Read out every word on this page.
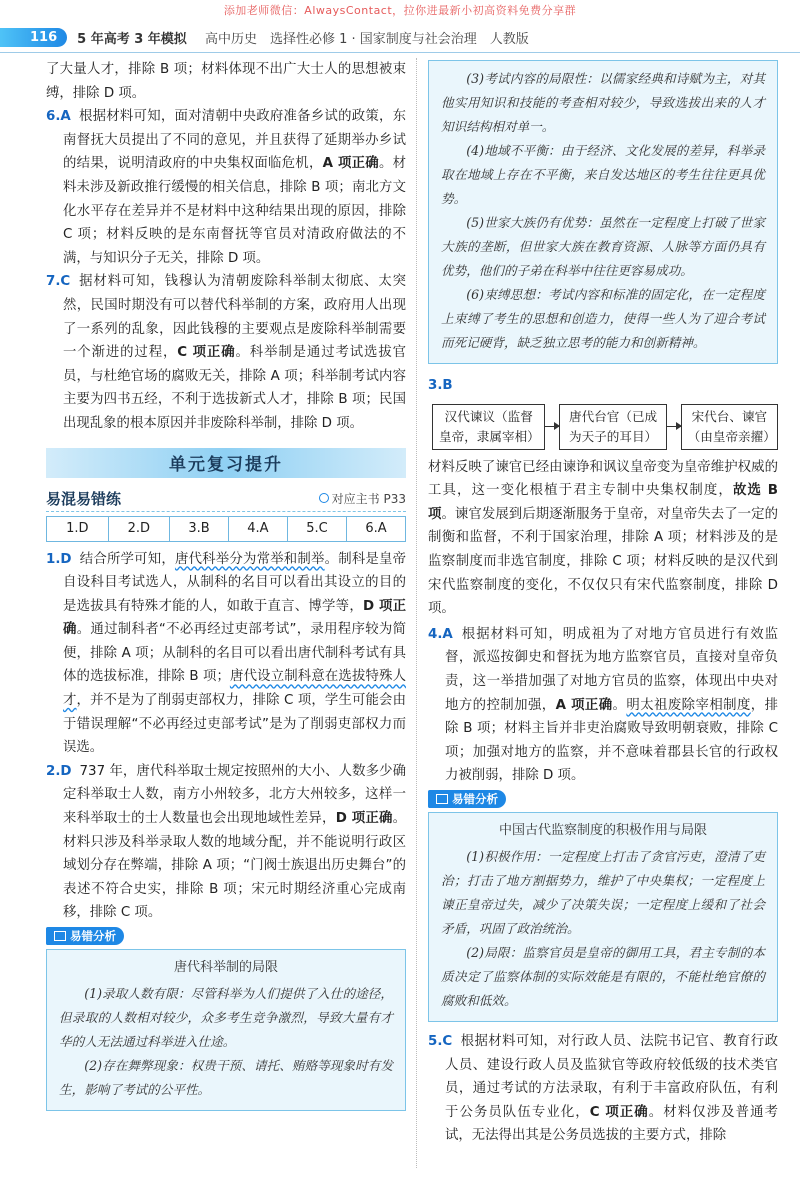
添加老师微信：AlwaysContact，拉你进最新小初高资料免费分享群
116	5 年高考 3 年模拟 高中历史　选择性必修 1 · 国家制度与社会治理　人教版

了大量人才，排除 B 项；材料体现不出广大士人的思想被束缚，排除 D 项。

6.A 根据材料可知，面对清朝中央政府准备乡试的政策，东南督抚大员提出了不同的意见，并且获得了延期举办乡试的结果，说明清政府的中央集权面临危机，A 项正确。材料未涉及新政推行缓慢的相关信息，排除 B 项；南北方文化水平存在差异并不是材料中这种结果出现的原因，排除 C 项；材料反映的是东南督抚等官员对清政府做法的不满，与知识分子无关，排除 D 项。

7.C 据材料可知，钱穆认为清朝废除科举制太彻底、太突然，民国时期没有可以替代科举制的方案，政府用人出现了一系列的乱象，因此钱穆的主要观点是废除科举制需要一个渐进的过程，C 项正确。科举制是通过考试选拔官员，与杜绝官场的腐败无关，排除 A 项；科举制考试内容主要为四书五经，不利于选拔新式人才，排除 B 项；民国出现乱象的根本原因并非废除科举制，排除 D 项。

单元复习提升
易混易错练	对应主书 P33
1.D	2.D	3.B	4.A	5.C	6.A

1.D 结合所学可知，唐代科举分为常举和制举。制科是皇帝自设科目考试选人，从制科的名目可以看出其设立的目的是选拔具有特殊才能的人，如敢于直言、博学等，D 项正确。通过制科者“不必再经过吏部考试”，录用程序较为简便，排除 A 项；从制科的名目可以看出唐代制科考试有具体的选拔标准，排除 B 项；唐代设立制科意在选拔特殊人才，并不是为了削弱吏部权力，排除 C 项，学生可能会由于错误理解“不必再经过吏部考试”是为了削弱吏部权力而误选。

2.D 737 年，唐代科举取士规定按照州的大小、人数多少确定科举取士人数，南方小州较多，北方大州较多，这样一来科举取士的士人数量也会出现地域性差异，D 项正确。材料只涉及科举录取人数的地域分配，并不能说明行政区域划分存在弊端，排除 A 项；“门阀士族退出历史舞台”的表述不符合史实，排除 B 项；宋元时期经济重心完成南移，排除 C 项。

易错分析

唐代科举制的局限

(1)录取人数有限：尽管科举为人们提供了入仕的途径，但录取的人数相对较少，众多考生竞争激烈，导致大量有才华的人无法通过科举进入仕途。

(2)存在舞弊现象：权贵干预、请托、贿赂等现象时有发生，影响了考试的公平性。

(3)考试内容的局限性：以儒家经典和诗赋为主，对其他实用知识和技能的考查相对较少，导致选拔出来的人才知识结构相对单一。

(4)地域不平衡：由于经济、文化发展的差异，科举录取在地域上存在不平衡，来自发达地区的考生往往更具优势。

(5)世家大族仍有优势：虽然在一定程度上打破了世家大族的垄断，但世家大族在教育资源、人脉等方面仍具有优势，他们的子弟在科举中往往更容易成功。

(6)束缚思想：考试内容和标准的固定化，在一定程度上束缚了考生的思想和创造力，使得一些人为了迎合考试而死记硬背，缺乏独立思考的能力和创新精神。

3.B

汉代谏议（监督皇帝，隶属宰相）
唐代台官（已成为天子的耳目）
宋代台、谏官（由皇帝亲擢）

材料反映了谏官已经由谏诤和讽议皇帝变为皇帝维护权威的工具，这一变化根植于君主专制中央集权制度，故选 B 项。谏官发展到后期逐渐服务于皇帝，对皇帝失去了一定的制衡和监督，不利于国家治理，排除 A 项；材料涉及的是监察制度而非选官制度，排除 C 项；材料反映的是汉代到宋代监察制度的变化，不仅仅只有宋代监察制度，排除 D 项。

4.A 根据材料可知，明成祖为了对地方官员进行有效监督，派巡按御史和督抚为地方监察官员，直接对皇帝负责，这一举措加强了对地方官员的监察，体现出中央对地方的控制加强，A 项正确。明太祖废除宰相制度，排除 B 项；材料主旨并非吏治腐败导致明朝衰败，排除 C 项；加强对地方的监察，并不意味着郡县长官的行政权力被削弱，排除 D 项。

易错分析

中国古代监察制度的积极作用与局限

(1)积极作用：一定程度上打击了贪官污吏，澄清了吏治；打击了地方割据势力，维护了中央集权；一定程度上谏正皇帝过失，减少了决策失误；一定程度上缓和了社会矛盾，巩固了政治统治。

(2)局限：监察官员是皇帝的御用工具，君主专制的本质决定了监察体制的实际效能是有限的，不能杜绝官僚的腐败和低效。

5.C 根据材料可知，对行政人员、法院书记官、教育行政人员、建设行政人员及监狱官等政府较低级的技术类官员，通过考试的方法录取，有利于丰富政府队伍，有利于公务员队伍专业化，C 项正确。材料仅涉及普通考试，无法得出其是公务员选拔的主要方式，排除
